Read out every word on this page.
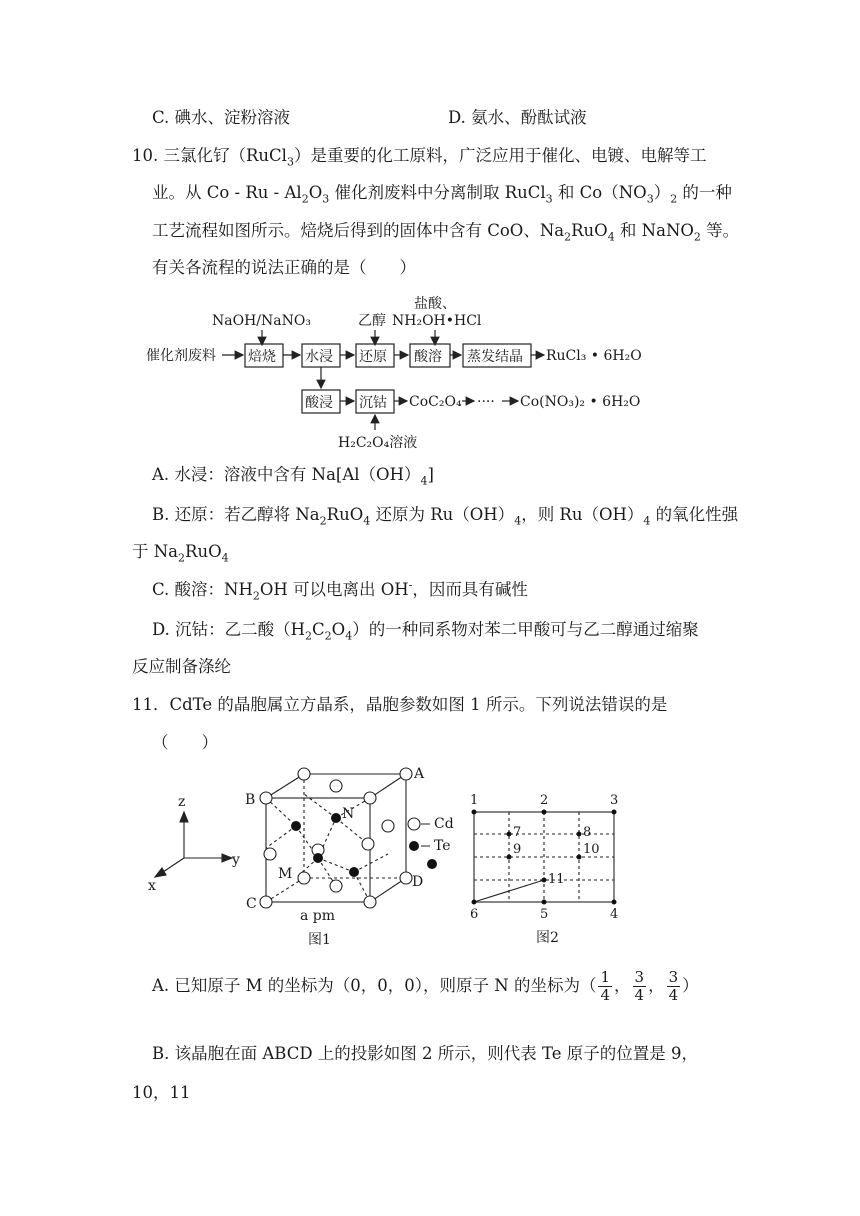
C. 碘水、淀粉溶液	D. 氨水、酚酞试液
10. 三氯化钌（RuCl$_3$）是重要的化工原料，广泛应用于催化、电镀、电解等工
业。从 Co - Ru - $Al_2O_3$ 催化剂废料中分离制取 RuCl$_3$ 和 $Co(NO_3)_2$ 的一种
工艺流程如图所示。焙烧后得到的固体中含有 CoO、$Na_2RuO_4$ 和 NaNO$_2$ 等。
有关各流程的说法正确的是（　　）
NaOH/NaNO₃	乙醇
盐酸、
NH₂OH•HCl
催化剂废料 焙烧 水浸 还原 酸溶 蒸发结晶 RuCl₃ • 6H₂O
酸浸 沉钴 CoC₂O₄ ···· Co(NO₃)₂ • 6H₂O
H₂C₂O₄溶液
A. 水浸：溶液中含有 $Na[Al(OH)_4]$
B. 还原：若乙醇将 $Na_2RuO_4$ 还原为 $Ru(OH)_4$，则 $Ru(OH)_4$ 的氧化性强
于 $Na_2RuO_4$
C. 酸溶：$NH_2OH$ 可以电离出 OH-，因而具有碱性
D. 沉钴：乙二酸$(H_2C_2O_4)$的一种同系物对苯二甲酸可与乙二醇通过缩聚
反应制备涤纶
11．CdTe 的晶胞属立方晶系，晶胞参数如图 1 所示。下列说法错误的是
（　　）
Cd
Te
z
y
x
A
B
C
D
M
N
a pm
图1
1	2	3
4
5
6
7	8
9	10
11
图2
A. 已知原子 M 的坐标为（0，0，0），则原子 N 的坐标为（ $\frac{1}{4}$ ， $\frac{3}{4}$ ， $\frac{3}{4}$ ）
B. 该晶胞在面 ABCD 上的投影如图 2 所示，则代表 Te 原子的位置是 9，
10，11
